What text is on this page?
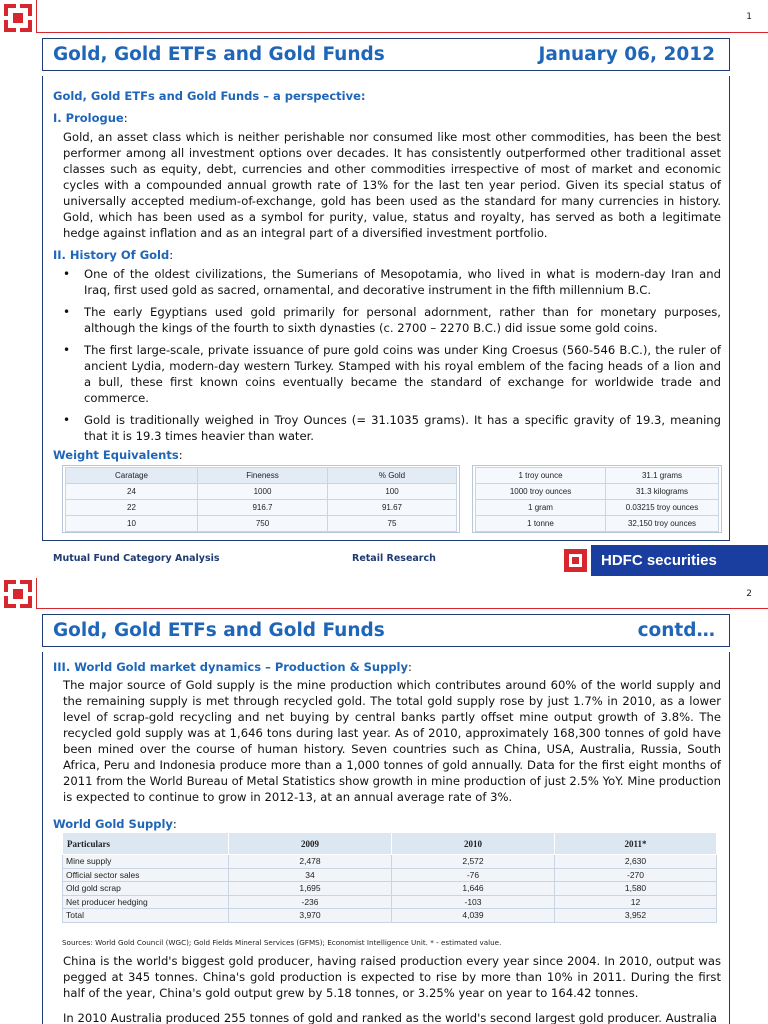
1
Gold, Gold ETFs and Gold Funds	January 06, 2012
Gold, Gold ETFs and Gold Funds – a perspective:
I. Prologue:

Gold, an asset class which is neither perishable nor consumed like most other commodities, has been the best performer among all investment options over decades. It has consistently outperformed other traditional asset classes such as equity, debt, currencies and other commodities irrespective of most of market and economic cycles with a compounded annual growth rate of 13% for the last ten year period. Given its special status of universally accepted medium-of-exchange, gold has been used as the standard for many currencies in history. Gold, which has been used as a symbol for purity, value, status and royalty, has served as both a legitimate hedge against inflation and as an integral part of a diversified investment portfolio.

II. History Of Gold:
• One of the oldest civilizations, the Sumerians of Mesopotamia, who lived in what is modern-day Iran and Iraq, first used gold as sacred, ornamental, and decorative instrument in the fifth millennium B.C.
• The early Egyptians used gold primarily for personal adornment, rather than for monetary purposes, although the kings of the fourth to sixth dynasties (c. 2700 – 2270 B.C.) did issue some gold coins.
• The first large-scale, private issuance of pure gold coins was under King Croesus (560-546 B.C.), the ruler of ancient Lydia, modern-day western Turkey. Stamped with his royal emblem of the facing heads of a lion and a bull, these first known coins eventually became the standard of exchange for worldwide trade and commerce.
• Gold is traditionally weighed in Troy Ounces (= 31.1035 grams). It has a specific gravity of 19.3, meaning that it is 19.3 times heavier than water.
Weight Equivalents:
Caratage	Fineness	% Gold
24	1000	100
22	916.7	91.67
10	750	75
1 troy ounce	31.1 grams
1000 troy ounces	31.3 kilograms
1 gram	0.03215 troy ounces
1 tonne	32,150 troy ounces
Mutual Fund Category Analysis	Retail Research	HDFC securities
2
Gold, Gold ETFs and Gold Funds	contd…
III. World Gold market dynamics – Production & Supply:

The major source of Gold supply is the mine production which contributes around 60% of the world supply and the remaining supply is met through recycled gold. The total gold supply rose by just 1.7% in 2010, as a lower level of scrap-gold recycling and net buying by central banks partly offset mine output growth of 3.8%. The recycled gold supply was at 1,646 tons during last year. As of 2010, approximately 168,300 tonnes of gold have been mined over the course of human history. Seven countries such as China, USA, Australia, Russia, South Africa, Peru and Indonesia produce more than a 1,000 tonnes of gold annually. Data for the first eight months of 2011 from the World Bureau of Metal Statistics show growth in mine production of just 2.5% YoY. Mine production is expected to continue to grow in 2012-13, at an annual average rate of 3%.

World Gold Supply:
Particulars	2009	2010	2011*
Mine supply	2,478	2,572	2,630
Official sector sales	34	-76	-270
Old gold scrap	1,695	1,646	1,580
Net producer hedging	-236	-103	12
Total	3,970	4,039	3,952
Sources: World Gold Council (WGC); Gold Fields Mineral Services (GFMS); Economist Intelligence Unit. * - estimated value.

China is the world's biggest gold producer, having raised production every year since 2004. In 2010, output was pegged at 345 tonnes. China's gold production is expected to rise by more than 10% in 2011. During the first half of the year, China's gold output grew by 5.18 tonnes, or 3.25% year on year to 164.42 tonnes.

In 2010 Australia produced 255 tonnes of gold and ranked as the world's second largest gold producer. Australia
